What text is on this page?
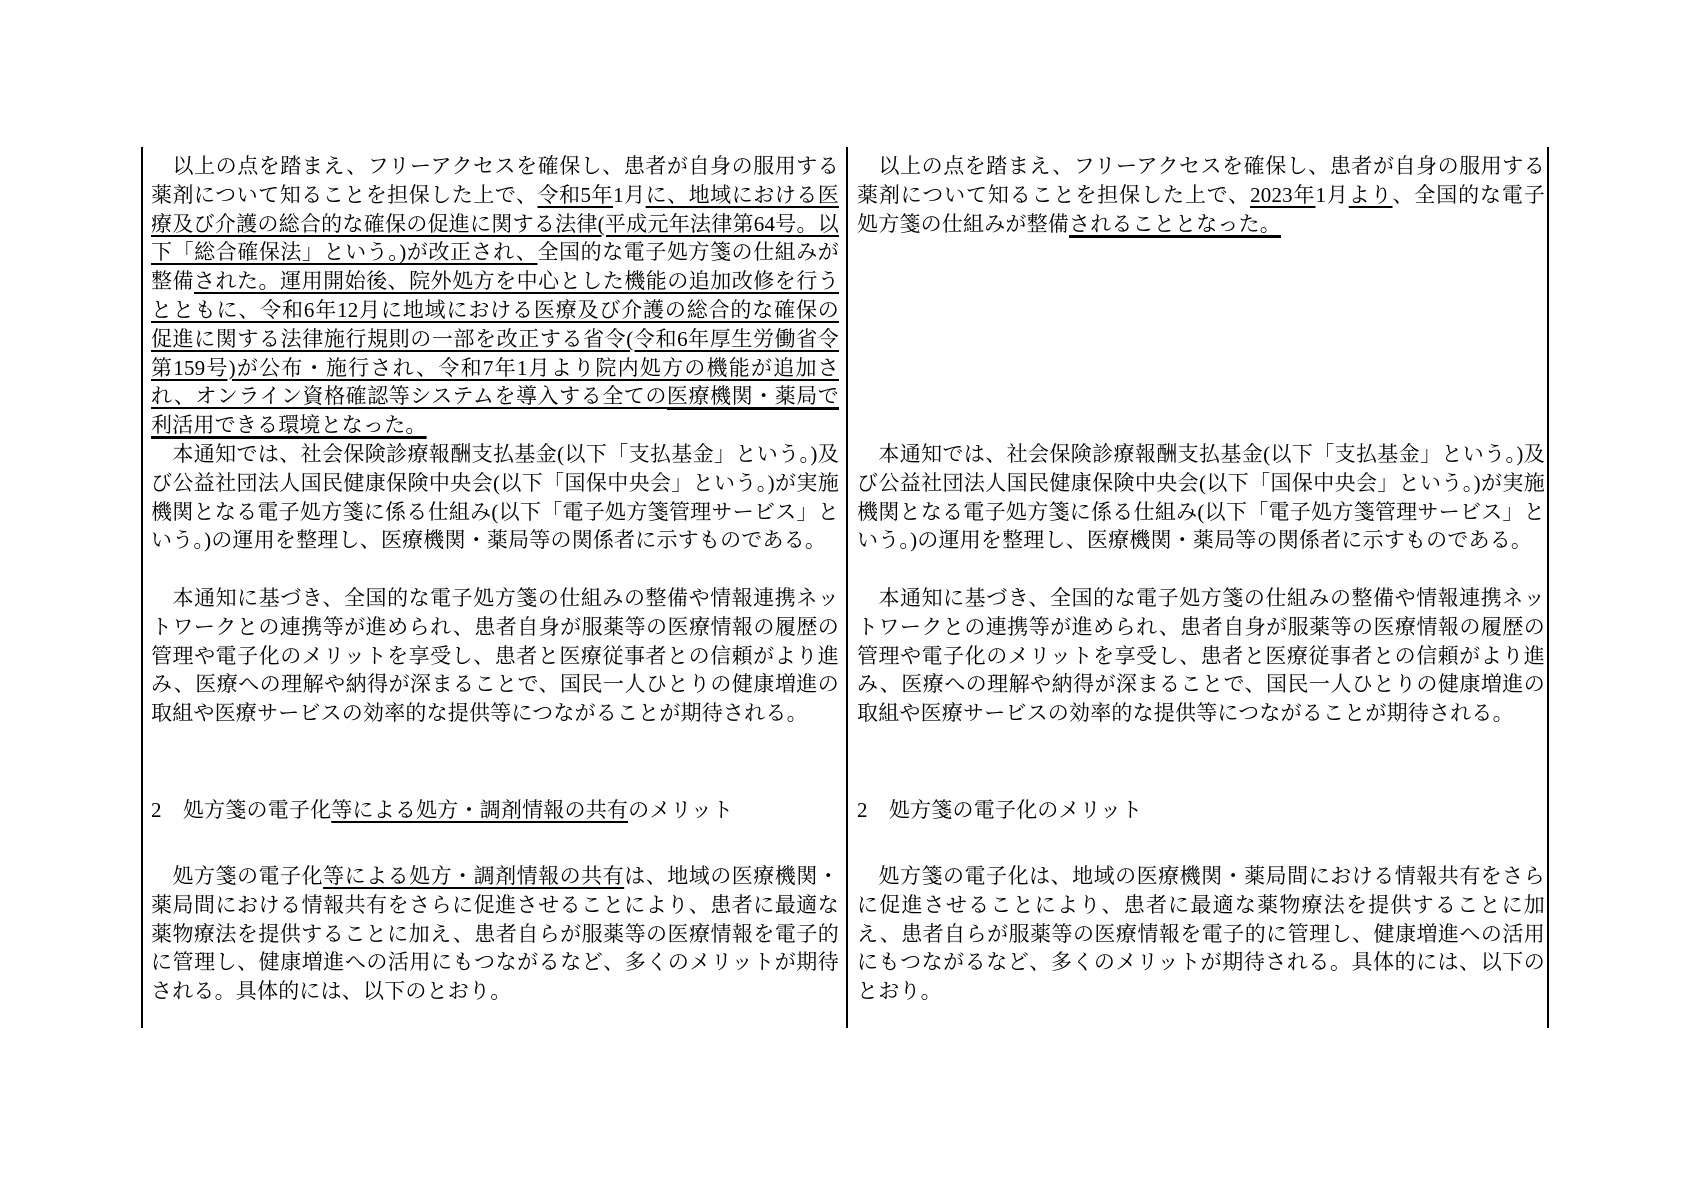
　以上の点を踏まえ、フリーアクセスを確保し、患者が自身の服用する薬剤について知ることを担保した上で、令和5年1月に、地域における医療及び介護の総合的な確保の促進に関する法律(平成元年法律第64号。以下「総合確保法」という。)が改正され、全国的な電子処方箋の仕組みが整備された。運用開始後、院外処方を中心とした機能の追加改修を行うとともに、令和6年12月に地域における医療及び介護の総合的な確保の促進に関する法律施行規則の一部を改正する省令(令和6年厚生労働省令第159号)が公布・施行され、令和7年1月より院内処方の機能が追加され、オンライン資格確認等システムを導入する全ての医療機関・薬局で利活用できる環境となった。

　本通知では、社会保険診療報酬支払基金(以下「支払基金」という。)及び公益社団法人国民健康保険中央会(以下「国保中央会」という。)が実施機関となる電子処方箋に係る仕組み(以下「電子処方箋管理サービス」という。)の運用を整理し、医療機関・薬局等の関係者に示すものである。

　本通知に基づき、全国的な電子処方箋の仕組みの整備や情報連携ネットワークとの連携等が進められ、患者自身が服薬等の医療情報の履歴の管理や電子化のメリットを享受し、患者と医療従事者との信頼がより進み、医療への理解や納得が深まることで、国民一人ひとりの健康増進の取組や医療サービスの効率的な提供等につながることが期待される。

2　処方箋の電子化等による処方・調剤情報の共有のメリット

　処方箋の電子化等による処方・調剤情報の共有は、地域の医療機関・薬局間における情報共有をさらに促進させることにより、患者に最適な薬物療法を提供することに加え、患者自らが服薬等の医療情報を電子的に管理し、健康増進への活用にもつながるなど、多くのメリットが期待される。具体的には、以下のとおり。

　以上の点を踏まえ、フリーアクセスを確保し、患者が自身の服用する薬剤について知ることを担保した上で、2023年1月より、全国的な電子処方箋の仕組みが整備されることとなった。

　本通知では、社会保険診療報酬支払基金(以下「支払基金」という。)及び公益社団法人国民健康保険中央会(以下「国保中央会」という。)が実施機関となる電子処方箋に係る仕組み(以下「電子処方箋管理サービス」という。)の運用を整理し、医療機関・薬局等の関係者に示すものである。

　本通知に基づき、全国的な電子処方箋の仕組みの整備や情報連携ネットワークとの連携等が進められ、患者自身が服薬等の医療情報の履歴の管理や電子化のメリットを享受し、患者と医療従事者との信頼がより進み、医療への理解や納得が深まることで、国民一人ひとりの健康増進の取組や医療サービスの効率的な提供等につながることが期待される。

2　処方箋の電子化のメリット

　処方箋の電子化は、地域の医療機関・薬局間における情報共有をさらに促進させることにより、患者に最適な薬物療法を提供することに加え、患者自らが服薬等の医療情報を電子的に管理し、健康増進への活用にもつながるなど、多くのメリットが期待される。具体的には、以下のとおり。
